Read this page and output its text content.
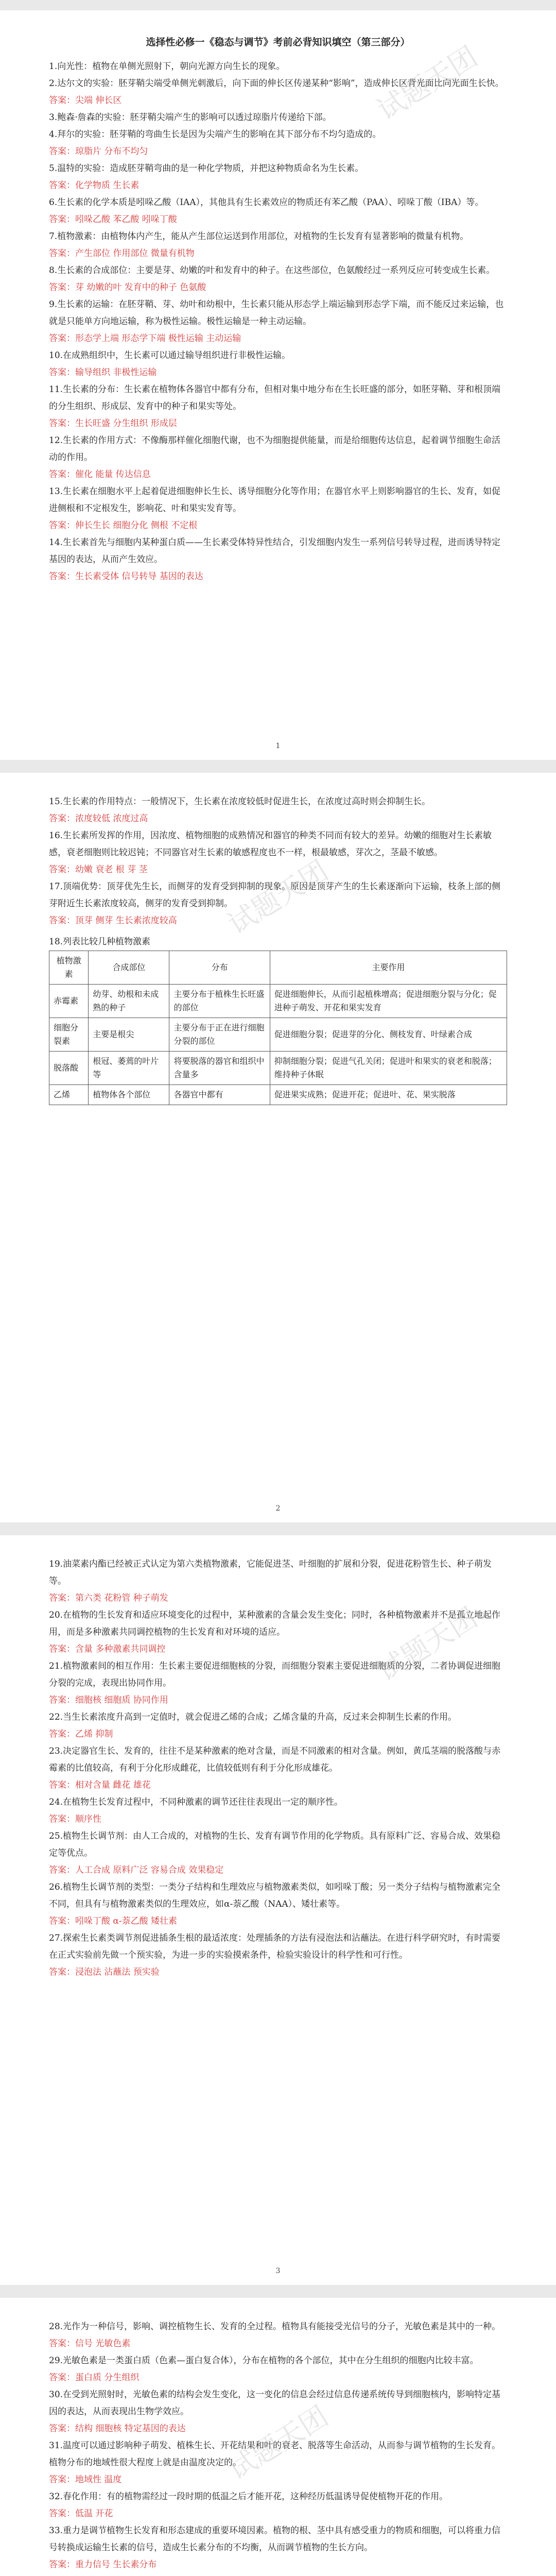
选择性必修一《稳态与调节》考前必背知识填空（第三部分）
1.向光性：植物在单侧光照射下，朝向光源方向生长的现象。
2.达尔文的实验：胚芽鞘尖端受单侧光刺激后，向下面的伸长区传递某种“影响”，造成伸长区背光面比向光面生长快。
答案：尖端 伸长区
3.鲍森·詹森的实验：胚芽鞘尖端产生的影响可以透过琼脂片传递给下部。
4.拜尔的实验：胚芽鞘的弯曲生长是因为尖端产生的影响在其下部分布不均匀造成的。
答案：琼脂片 分布不均匀
5.温特的实验：造成胚芽鞘弯曲的是一种化学物质，并把这种物质命名为生长素。
答案：化学物质 生长素
6.生长素的化学本质是吲哚乙酸（IAA），其他具有生长素效应的物质还有苯乙酸（PAA）、吲哚丁酸（IBA）等。
答案：吲哚乙酸 苯乙酸 吲哚丁酸
7.植物激素：由植物体内产生，能从产生部位运送到作用部位，对植物的生长发育有显著影响的微量有机物。
答案：产生部位 作用部位 微量有机物
8.生长素的合成部位：主要是芽、幼嫩的叶和发育中的种子。在这些部位，色氨酸经过一系列反应可转变成生长素。
答案：芽 幼嫩的叶 发育中的种子 色氨酸
9.生长素的运输：在胚芽鞘、芽、幼叶和幼根中，生长素只能从形态学上端运输到形态学下端，而不能反过来运输，也就是只能单方向地运输，称为极性运输。极性运输是一种主动运输。
答案：形态学上端 形态学下端 极性运输 主动运输
10.在成熟组织中，生长素可以通过输导组织进行非极性运输。
答案：输导组织 非极性运输
11.生长素的分布：生长素在植物体各器官中都有分布，但相对集中地分布在生长旺盛的部分，如胚芽鞘、芽和根顶端的分生组织、形成层、发育中的种子和果实等处。
答案：生长旺盛 分生组织 形成层
12.生长素的作用方式：不像酶那样催化细胞代谢，也不为细胞提供能量，而是给细胞传达信息，起着调节细胞生命活动的作用。
答案：催化 能量 传达信息
13.生长素在细胞水平上起着促进细胞伸长生长、诱导细胞分化等作用；在器官水平上则影响器官的生长、发育，如促进侧根和不定根发生，影响花、叶和果实发育等。
答案：伸长生长 细胞分化 侧根 不定根
14.生长素首先与细胞内某种蛋白质——生长素受体特异性结合，引发细胞内发生一系列信号转导过程，进而诱导特定基因的表达，从而产生效应。
答案：生长素受体 信号转导 基因的表达
1
15.生长素的作用特点：一般情况下，生长素在浓度较低时促进生长，在浓度过高时则会抑制生长。
答案：浓度较低 浓度过高
16.生长素所发挥的作用，因浓度、植物细胞的成熟情况和器官的种类不同而有较大的差异。幼嫩的细胞对生长素敏感，衰老细胞则比较迟钝；不同器官对生长素的敏感程度也不一样，根最敏感，芽次之，茎最不敏感。
答案：幼嫩 衰老 根 芽 茎
17.顶端优势：顶芽优先生长，而侧芽的发育受到抑制的现象。原因是顶芽产生的生长素逐渐向下运输，枝条上部的侧芽附近生长素浓度较高，侧芽的发育受到抑制。
答案：顶芽 侧芽 生长素浓度较高
18.列表比较几种植物激素
植物激素	合成部位	分布	主要作用
赤霉素	幼芽、幼根和未成熟的种子	主要分布于植株生长旺盛的部位	促进细胞伸长，从而引起植株增高；促进细胞分裂与分化；促进种子萌发、开花和果实发育
细胞分裂素	主要是根尖	主要分布于正在进行细胞分裂的部位	促进细胞分裂；促进芽的分化、侧枝发育、叶绿素合成
脱落酸	根冠、萎蔫的叶片等	将要脱落的器官和组织中含量多	抑制细胞分裂；促进气孔关闭；促进叶和果实的衰老和脱落；维持种子休眠
乙烯	植物体各个部位	各器官中都有	促进果实成熟；促进开花；促进叶、花、果实脱落
2
19.油菜素内酯已经被正式认定为第六类植物激素，它能促进茎、叶细胞的扩展和分裂，促进花粉管生长、种子萌发等。
答案：第六类 花粉管 种子萌发
20.在植物的生长发育和适应环境变化的过程中，某种激素的含量会发生变化；同时，各种植物激素并不是孤立地起作用，而是多种激素共同调控植物的生长发育和对环境的适应。
答案：含量 多种激素共同调控
21.植物激素间的相互作用：生长素主要促进细胞核的分裂，而细胞分裂素主要促进细胞质的分裂，二者协调促进细胞分裂的完成，表现出协同作用。
答案：细胞核 细胞质 协同作用
22.当生长素浓度升高到一定值时，就会促进乙烯的合成；乙烯含量的升高，反过来会抑制生长素的作用。
答案：乙烯 抑制
23.决定器官生长、发育的，往往不是某种激素的绝对含量，而是不同激素的相对含量。例如，黄瓜茎端的脱落酸与赤霉素的比值较高，有利于分化形成雌花，比值较低则有利于分化形成雄花。
答案：相对含量 雌花 雄花
24.在植物生长发育过程中，不同种激素的调节还往往表现出一定的顺序性。
答案：顺序性
25.植物生长调节剂：由人工合成的，对植物的生长、发育有调节作用的化学物质。具有原料广泛、容易合成、效果稳定等优点。
答案：人工合成 原料广泛 容易合成 效果稳定
26.植物生长调节剂的类型：一类分子结构和生理效应与植物激素类似，如吲哚丁酸；另一类分子结构与植物激素完全不同，但具有与植物激素类似的生理效应，如α-萘乙酸（NAA）、矮壮素等。
答案：吲哚丁酸 α-萘乙酸 矮壮素
27.探索生长素类调节剂促进插条生根的最适浓度：处理插条的方法有浸泡法和沾蘸法。在进行科学研究时，有时需要在正式实验前先做一个预实验，为进一步的实验摸索条件，检验实验设计的科学性和可行性。
答案：浸泡法 沾蘸法 预实验
3
28.光作为一种信号，影响、调控植物生长、发育的全过程。植物具有能接受光信号的分子，光敏色素是其中的一种。
答案：信号 光敏色素
29.光敏色素是一类蛋白质（色素—蛋白复合体），分布在植物的各个部位，其中在分生组织的细胞内比较丰富。
答案：蛋白质 分生组织
30.在受到光照射时，光敏色素的结构会发生变化，这一变化的信息会经过信息传递系统传导到细胞核内，影响特定基因的表达，从而表现出生物学效应。
答案：结构 细胞核 特定基因的表达
31.温度可以通过影响种子萌发、植株生长、开花结果和叶的衰老、脱落等生命活动，从而参与调节植物的生长发育。植物分布的地域性很大程度上就是由温度决定的。
答案：地域性 温度
32.春化作用：有的植物需经过一段时期的低温之后才能开花，这种经历低温诱导促使植物开花的作用。
答案：低温 开花
33.重力是调节植物生长发育和形态建成的重要环境因素。植物的根、茎中具有感受重力的物质和细胞，可以将重力信号转换成运输生长素的信号，造成生长素分布的不均衡，从而调节植物的生长方向。
答案：重力信号 生长素分布
试题天团
试题天团
试题天团
试题天团
